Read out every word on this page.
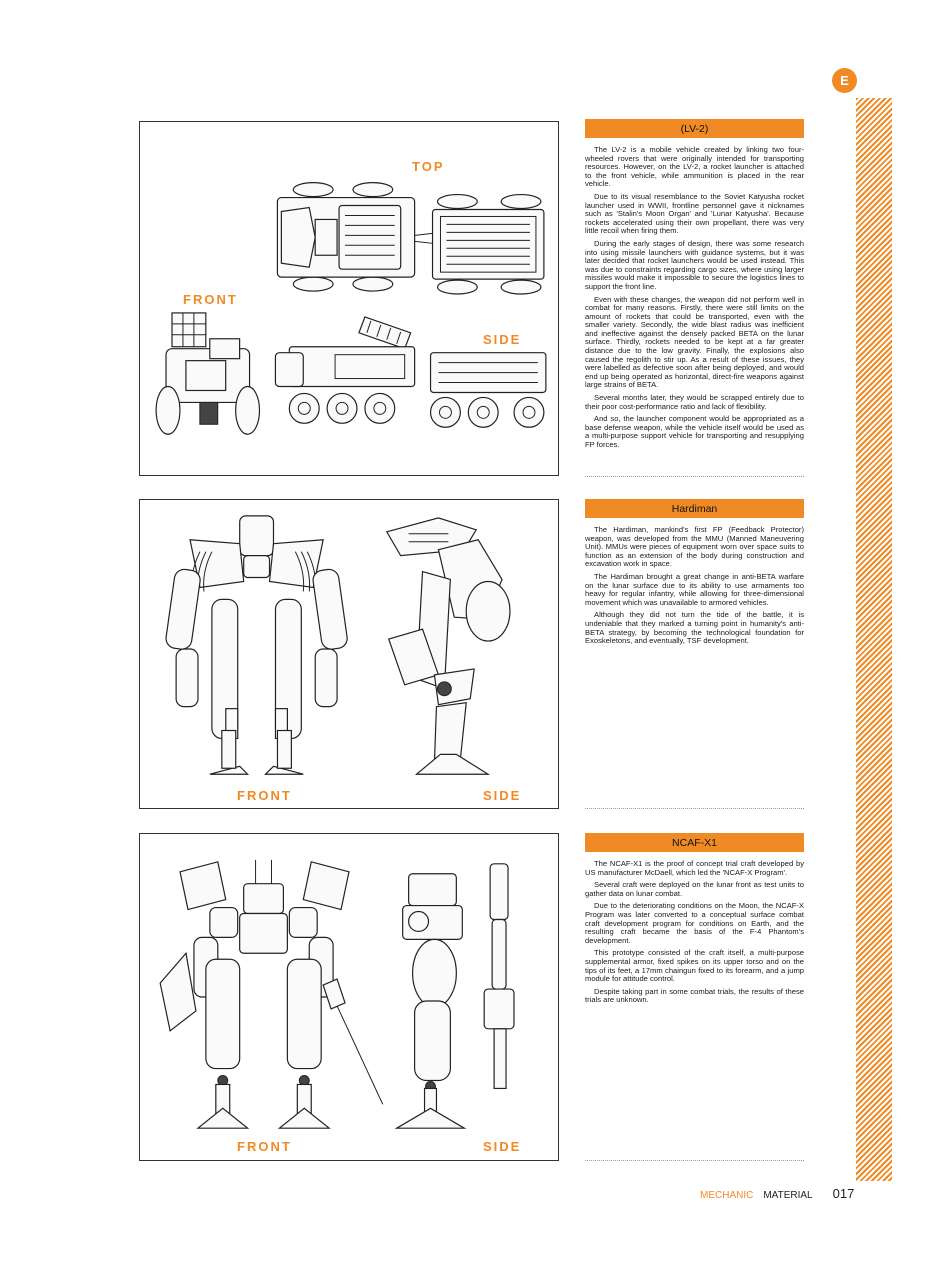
E
TOP
FRONT
SIDE
(LV-2)

The LV-2 is a mobile vehicle created by linking two four-wheeled rovers that were originally intended for transporting resources. However, on the LV-2, a rocket launcher is attached to the front vehicle, while ammunition is placed in the rear vehicle.

Due to its visual resemblance to the Soviet Katyusha rocket launcher used in WWII, frontline personnel gave it nicknames such as 'Stalin's Moon Organ' and 'Lunar Katyusha'. Because rockets accelerated using their own propellant, there was very little recoil when firing them.

During the early stages of design, there was some research into using missile launchers with guidance systems, but it was later decided that rocket launchers would be used instead. This was due to constraints regarding cargo sizes, where using larger missiles would make it impossible to secure the logistics lines to support the front line.

Even with these changes, the weapon did not perform well in combat for many reasons. Firstly, there were still limits on the amount of rockets that could be transported, even with the smaller variety. Secondly, the wide blast radius was inefficient and ineffective against the densely packed BETA on the lunar surface. Thirdly, rockets needed to be kept at a far greater distance due to the low gravity. Finally, the explosions also caused the regolith to stir up. As a result of these issues, they were labelled as defective soon after being deployed, and would end up being operated as horizontal, direct-fire weapons against large strains of BETA.

Several months later, they would be scrapped entirely due to their poor cost-performance ratio and lack of flexibility.

And so, the launcher component would be appropriated as a base defense weapon, while the vehicle itself would be used as a multi-purpose support vehicle for transporting and resupplying FP forces.

FRONT	SIDE
Hardiman

The Hardiman, mankind's first FP (Feedback Protector) weapon, was developed from the MMU (Manned Maneuvering Unit). MMUs were pieces of equipment worn over space suits to function as an extension of the body during construction and excavation work in space.

The Hardiman brought a great change in anti-BETA warfare on the lunar surface due to its ability to use armaments too heavy for regular infantry, while allowing for three-dimensional movement which was unavailable to armored vehicles.

Although they did not turn the tide of the battle, it is undeniable that they marked a turning point in humanity's anti-BETA strategy, by becoming the technological foundation for Exoskeletons, and eventually, TSF development.

FRONT	SIDE
NCAF-X1

The NCAF-X1 is the proof of concept trial craft developed by US manufacturer McDaell, which led the 'NCAF-X Program'.

Several craft were deployed on the lunar front as test units to gather data on lunar combat.

Due to the deteriorating conditions on the Moon, the NCAF-X Program was later converted to a conceptual surface combat craft development program for conditions on Earth, and the resulting craft became the basis of the F-4 Phantom's development.

This prototype consisted of the craft itself, a multi-purpose supplemental armor, fixed spikes on its upper torso and on the tips of its feet, a 17mm chaingun fixed to its forearm, and a jump module for attitude control.

Despite taking part in some combat trials, the results of these trials are unknown.

MECHANIC MATERIAL 017
